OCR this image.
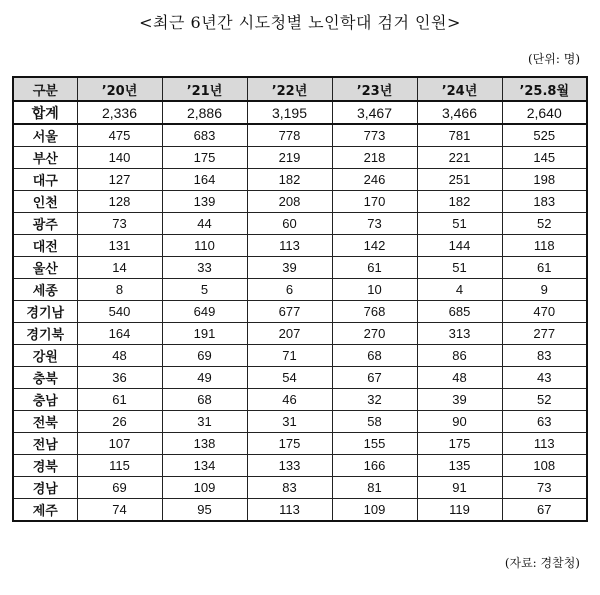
<최근 6년간 시도청별 노인학대 검거 인원>
(단위: 명)
구분	’20년	’21년	’22년	’23년	’24년	’25.8월
합계	2,336	2,886	3,195	3,467	3,466	2,640
서울	475	683	778	773	781	525
부산	140	175	219	218	221	145
대구	127	164	182	246	251	198
인천	128	139	208	170	182	183
광주	73	44	60	73	51	52
대전	131	110	113	142	144	118
울산	14	33	39	61	51	61
세종	8	5	6	10	4	9
경기남	540	649	677	768	685	470
경기북	164	191	207	270	313	277
강원	48	69	71	68	86	83
충북	36	49	54	67	48	43
충남	61	68	46	32	39	52
전북	26	31	31	58	90	63
전남	107	138	175	155	175	113
경북	115	134	133	166	135	108
경남	69	109	83	81	91	73
제주	74	95	113	109	119	67
(자료: 경찰청)
